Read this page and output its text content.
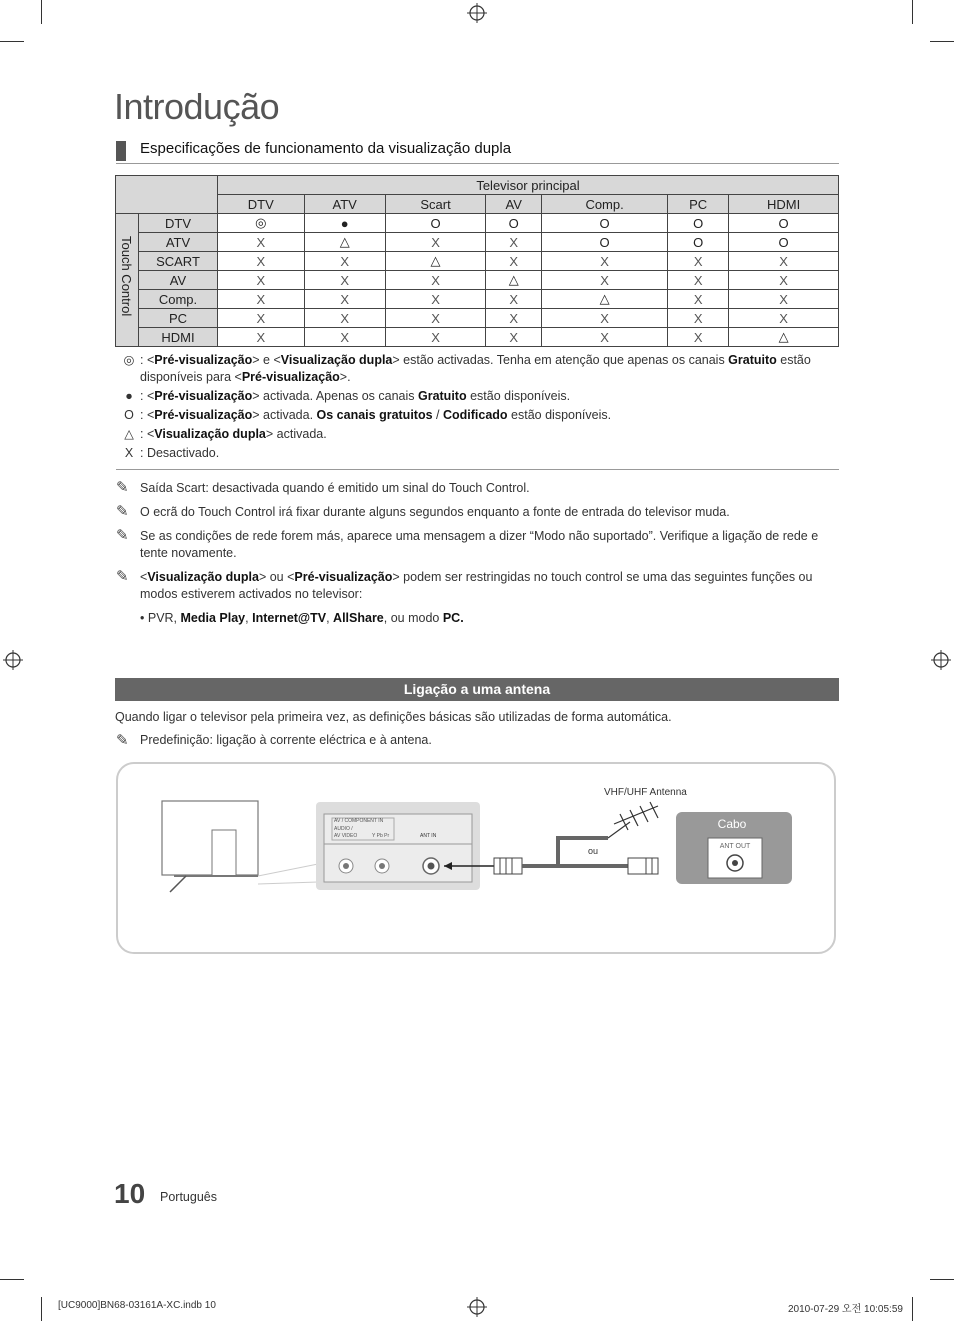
Introdução
Especificações de funcionamento da visualização dupla
		Televisor principal						
		DTV	ATV	Scart	AV	Comp.	PC	HDMI

Touch Control	DTV	◎	●	O	O	O	O	O
	ATV	X	△	X	X	O	O	O
	SCART	X	X	△	X	X	X	X
	AV	X	X	X	△	X	X	X
	Comp.	X	X	X	X	△	X	X
	PC	X	X	X	X	X	X	X
	HDMI	X	X	X	X	X	X	△
◎ : <Pré-visualização> e <Visualização dupla> estão activadas. Tenha em atenção que apenas os canais Gratuito estão disponíveis para <Pré-visualização>.
● : <Pré-visualização> activada. Apenas os canais Gratuito estão disponíveis.
O : <Pré-visualização> activada. Os canais gratuitos / Codificado estão disponíveis.
△ : <Visualização dupla> activada.
X : Desactivado.
✎ Saída Scart: desactivada quando é emitido um sinal do Touch Control.
✎ O ecrã do Touch Control irá fixar durante alguns segundos enquanto a fonte de entrada do televisor muda.
✎ Se as condições de rede forem más, aparece uma mensagem a dizer “Modo não suportado”. Verifique a ligação de rede e tente novamente.
✎ <Visualização dupla> ou <Pré-visualização> podem ser restringidas no touch control se uma das seguintes funções ou modos estiverem activados no televisor:
• PVR, Media Play, Internet@TV, AllShare, ou modo PC.
Ligação a uma antena
Quando ligar o televisor pela primeira vez, as definições básicas são utilizadas de forma automática.
✎ Predefinição: ligação à corrente eléctrica e à antena.
AV / COMPONENT IN
AUDIO /
AV VIDEO	Y Pb Pr	ANT IN
ou
VHF/UHF Antenna
Cabo
ANT OUT
10 Português
[UC9000]BN68-03161A-XC.indb 10	2010-07-29 오전 10:05:59
